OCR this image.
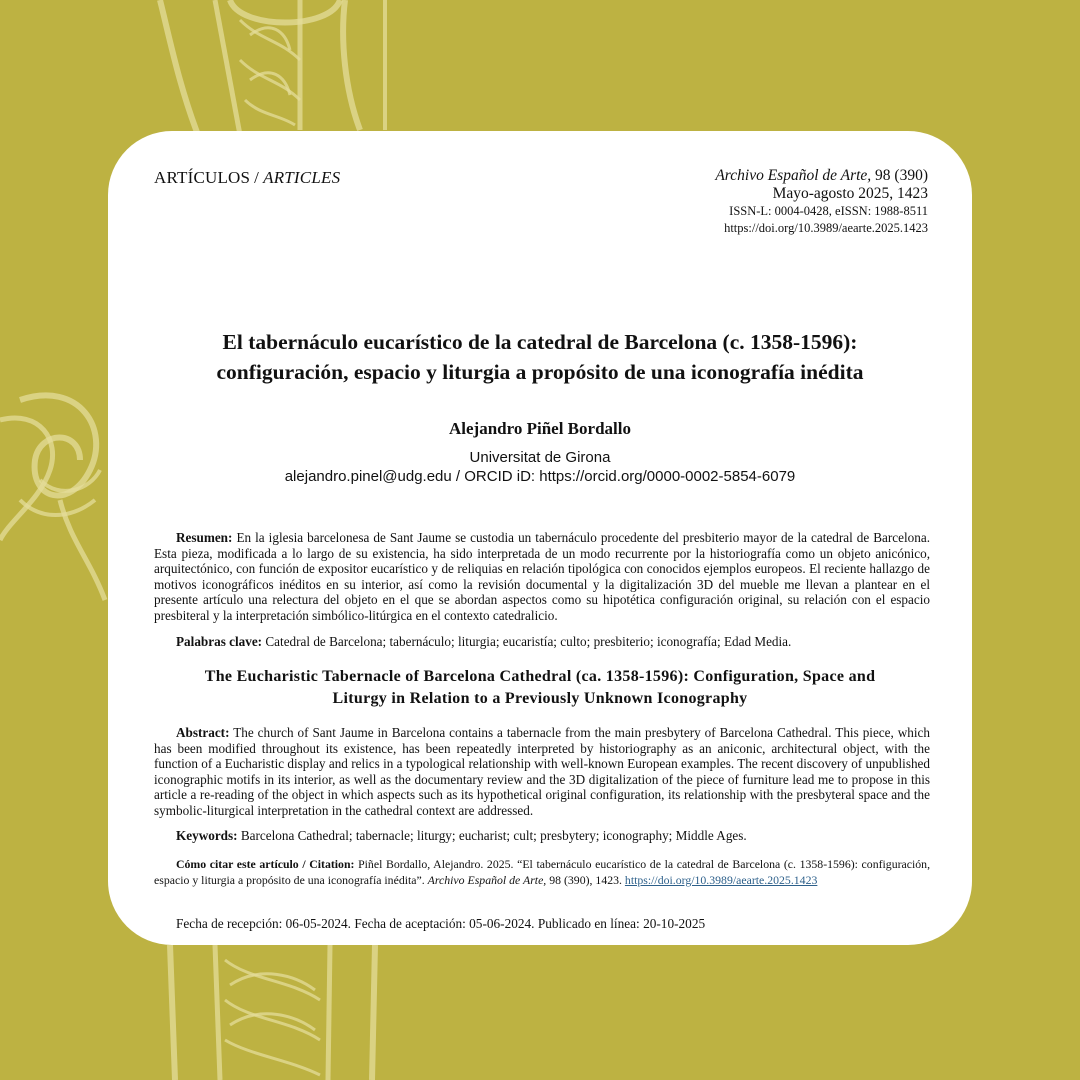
ARTÍCULOS / ARTICLES	Archivo Español de Arte, 98 (390)
Mayo-agosto 2025, 1423
ISSN-L: 0004-0428, eISSN: 1988-8511
https://doi.org/10.3989/aearte.2025.1423
El tabernáculo eucarístico de la catedral de Barcelona (c. 1358-1596):
configuración, espacio y liturgia a propósito de una iconografía inédita
Alejandro Piñel Bordallo
Universitat de Girona
alejandro.pinel@udg.edu / ORCID iD: https://orcid.org/0000-0002-5854-6079
Resumen: En la iglesia barcelonesa de Sant Jaume se custodia un tabernáculo procedente del presbiterio mayor de la catedral de Barcelona. Esta pieza, modificada a lo largo de su existencia, ha sido interpretada de un modo recurrente por la historiografía como un objeto anicónico, arquitectónico, con función de expositor eucarístico y de reliquias en relación tipológica con conocidos ejemplos europeos. El reciente hallazgo de motivos iconográficos inéditos en su interior, así como la revisión documental y la digitalización 3D del mueble me llevan a plantear en el presente artículo una relectura del objeto en el que se abordan aspectos como su hipotética configuración original, su relación con el espacio presbiteral y la interpretación simbólico-litúrgica en el contexto catedralicio.
Palabras clave: Catedral de Barcelona; tabernáculo; liturgia; eucaristía; culto; presbiterio; iconografía; Edad Media.
The Eucharistic Tabernacle of Barcelona Cathedral (ca. 1358-1596): Configuration, Space and
Liturgy in Relation to a Previously Unknown Iconography
Abstract: The church of Sant Jaume in Barcelona contains a tabernacle from the main presbytery of Barcelona Cathedral. This piece, which has been modified throughout its existence, has been repeatedly interpreted by historiography as an aniconic, architectural object, with the function of a Eucharistic display and relics in a typological relationship with well-known European examples. The recent discovery of unpublished iconographic motifs in its interior, as well as the documentary review and the 3D digitalization of the piece of furniture lead me to propose in this article a re-reading of the object in which aspects such as its hypothetical original configuration, its relationship with the presbyteral space and the symbolic-liturgical interpretation in the cathedral context are addressed.
Keywords: Barcelona Cathedral; tabernacle; liturgy; eucharist; cult; presbytery; iconography; Middle Ages.
Cómo citar este artículo / Citation: Piñel Bordallo, Alejandro. 2025. “El tabernáculo eucarístico de la catedral de Barcelona (c. 1358-1596): configuración, espacio y liturgia a propósito de una iconografía inédita”. Archivo Español de Arte, 98 (390), 1423. https://doi.org/10.3989/aearte.2025.1423
Fecha de recepción: 06-05-2024. Fecha de aceptación: 05-06-2024. Publicado en línea: 20-10-2025
